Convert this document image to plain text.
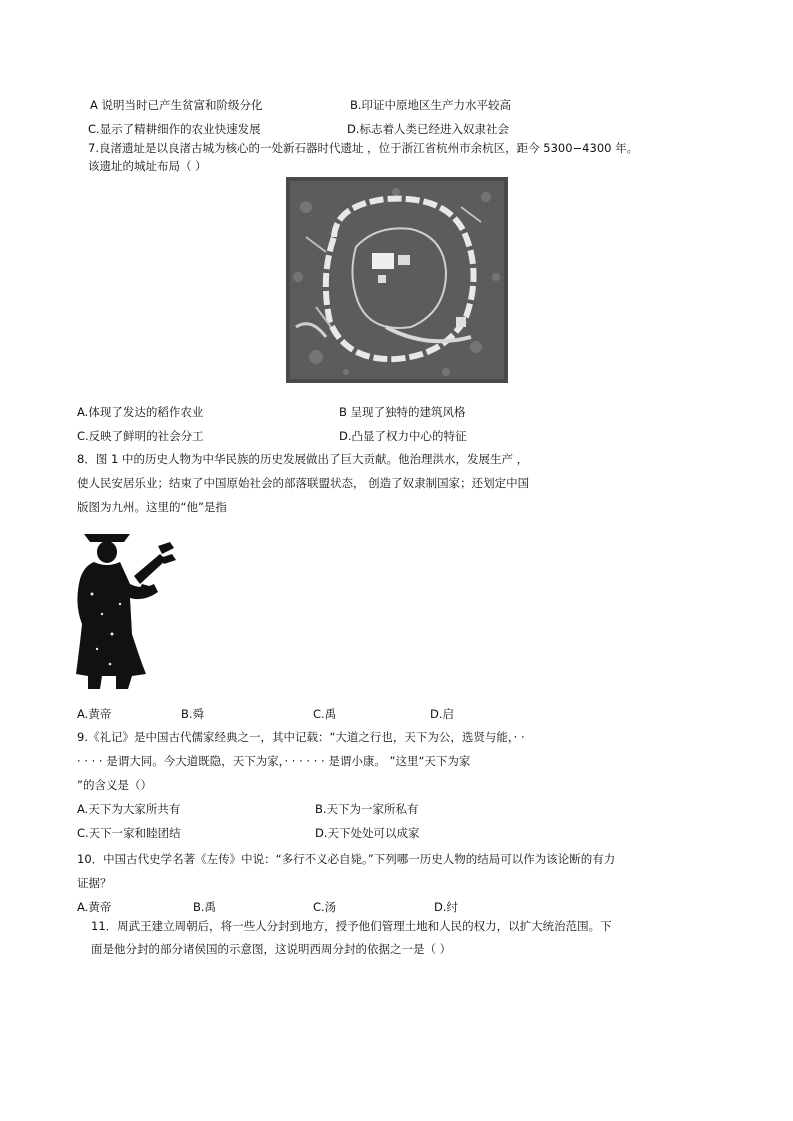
A 说明当时已产生贫富和阶级分化	B.印证中原地区生产力水平较高
C.显示了精耕细作的农业快速发展	D.标志着人类已经进入奴隶社会
7.良渚遗址是以良渚古城为核心的一处新石器时代遗址 ，位于浙江省杭州市余杭区，距今 5300−4300 年。
该遗址的城址布局（ ）
A.体现了发达的稻作农业	B 呈现了独特的建筑风格
C.反映了鲜明的社会分工	D.凸显了权力中心的特征
8．图 1 中的历史人物为中华民族的历史发展做出了巨大贡献。他治理洪水，发展生产 ，
使人民安居乐业；结束了中国原始社会的部落联盟状态， 创造了奴隶制国家；还划定中国
版图为九州。这里的“他”是指
A.黄帝	B.舜	C.禹	D.启
9.《礼记》是中国古代儒家经典之一，其中记载：“大道之行也，天下为公，选贤与能，· ·
· · · · 是谓大同。今大道既隐，天下为家，· · · · · · 是谓小康。 ”这里“天下为家
”的含义是（）
A.天下为大家所共有	B.天下为一家所私有
C.天下一家和睦团结	D.天下处处可以成家
10．中国古代史学名著《左传》中说：“多行不义必自毙。”下列哪一历史人物的结局可以作为该论断的有力
证据？
A.黄帝	B.禹	C.汤	D.纣
11．周武王建立周朝后，将一些人分封到地方，授予他们管理土地和人民的权力，以扩大统治范围。下
面是他分封的部分诸侯国的示意图，这说明西周分封的依据之一是（ ）
